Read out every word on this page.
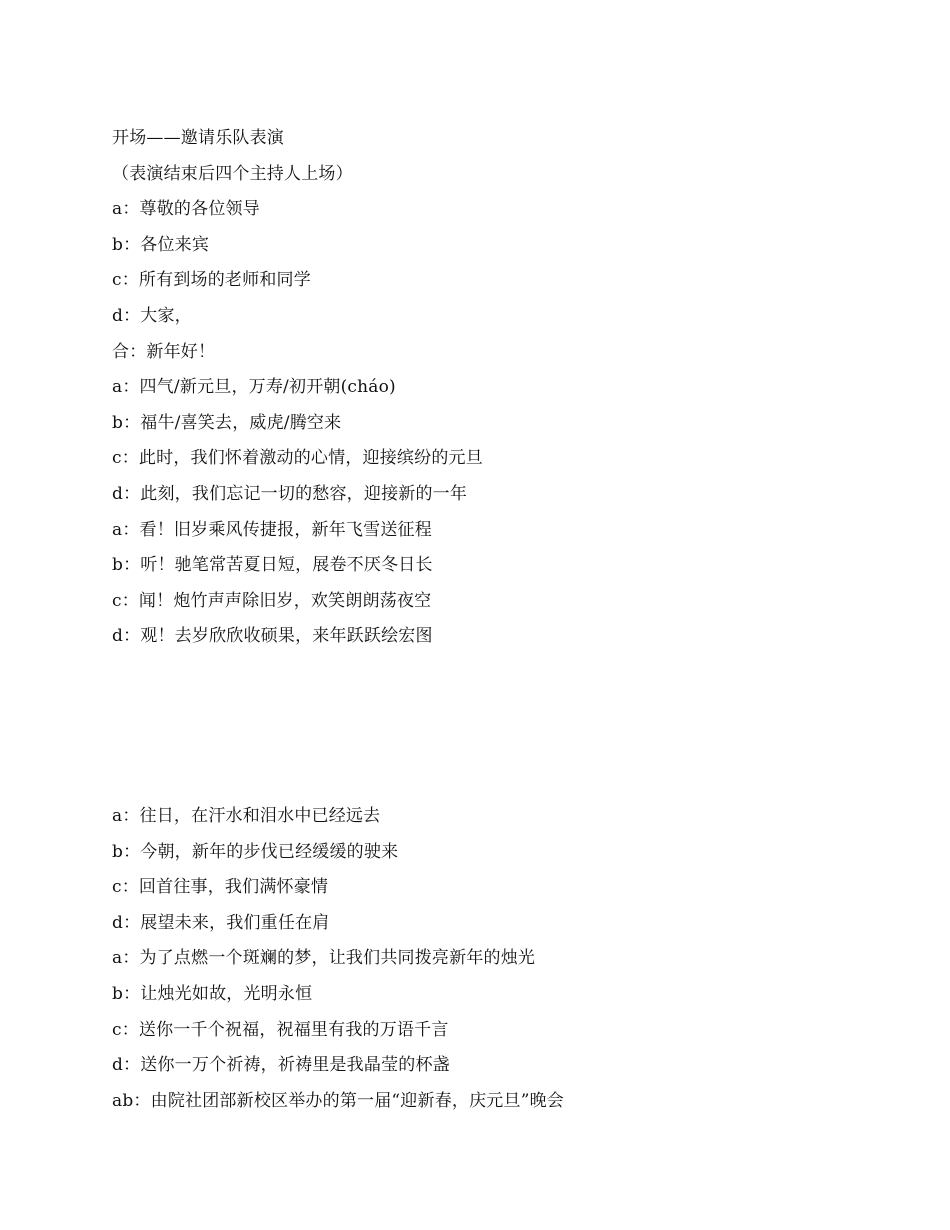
开场——邀请乐队表演
（表演结束后四个主持人上场）
a：尊敬的各位领导
b：各位来宾
c：所有到场的老师和同学
d：大家，
合：新年好！
a：四气/新元旦，万寿/初开朝(cháo)
b：福牛/喜笑去，威虎/腾空来
c：此时，我们怀着激动的心情，迎接缤纷的元旦
d：此刻，我们忘记一切的愁容，迎接新的一年
a：看！旧岁乘风传捷报，新年飞雪送征程
b：听！驰笔常苦夏日短，展卷不厌冬日长
c：闻！炮竹声声除旧岁，欢笑朗朗荡夜空
d：观！去岁欣欣收硕果，来年跃跃绘宏图
a：往日，在汗水和泪水中已经远去
b：今朝，新年的步伐已经缓缓的驶来
c：回首往事，我们满怀豪情
d：展望未来，我们重任在肩
a：为了点燃一个斑斓的梦，让我们共同拨亮新年的烛光
b：让烛光如故，光明永恒
c：送你一千个祝福，祝福里有我的万语千言
d：送你一万个祈祷，祈祷里是我晶莹的杯盏
ab：由院社团部新校区举办的第一届“迎新春，庆元旦”晚会
